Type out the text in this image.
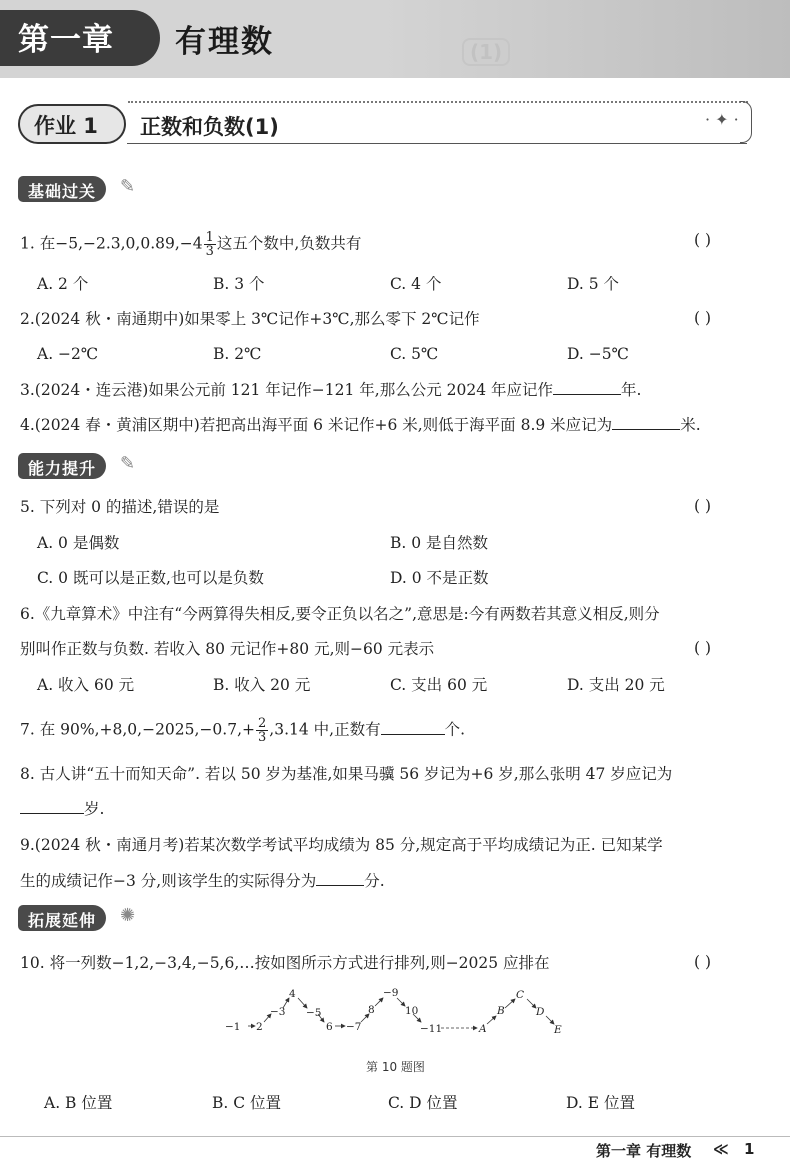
(1)
第一章 有理数
· ✦ ·
作业 1 正数和负数(1)
基础过关	✎
1. 在$-5,-2.3,0,0.89,-4 \frac{1}{3}$ 这五个数中,负数共有	( )
A. 2 个	B. 3 个	C. 4 个	D. 5 个
2.(2024 秋・南通期中)如果零上 3℃记作+3℃,那么零下 2℃记作	( )
A. −2℃	B. 2℃	C. 5℃	D. −5℃
3.(2024・连云港)如果公元前 121 年记作−121 年,那么公元 2024 年应记作	年.
4.(2024 春・黄浦区期中)若把高出海平面 6 米记作+6 米,则低于海平面 8.9 米应记为	米.
能力提升	✎
5. 下列对 0 的描述,错误的是	( )
A. 0 是偶数	B. 0 是自然数
C. 0 既可以是正数,也可以是负数	D. 0 不是正数
6.《九章算术》中注有“今两算得失相反,要令正负以名之”,意思是:今有两数若其意义相反,则分
别叫作正数与负数. 若收入 80 元记作+80 元,则−60 元表示	( )
A. 收入 60 元	B. 收入 20 元	C. 支出 60 元	D. 支出 20 元
7. 在 $90\%,+8,0,-2025,-0.7,+ \frac{2}{3} ,3.14$ 中,正数有	个.
8. 古人讲“五十而知天命”. 若以 50 岁为基准,如果马骥 56 岁记为+6 岁,那么张明 47 岁应记为
岁.
9.(2024 秋・南通月考)若某次数学考试平均成绩为 85 分,规定高于平均成绩记为正. 已知某学
生的成绩记作−3 分,则该学生的实际得分为	分.
拓展延伸	✺
10. 将一列数−1,2,−3,4,−5,6,…按如图所示方式进行排列,则−2025 应排在	( )
−1 2
−3
4
−5
6 −7
8
−9
10
−11	A
B
C
D
E
第 10 题图
A. B 位置	B. C 位置	C. D 位置	D. E 位置
第一章 有理数 ≪ 1
